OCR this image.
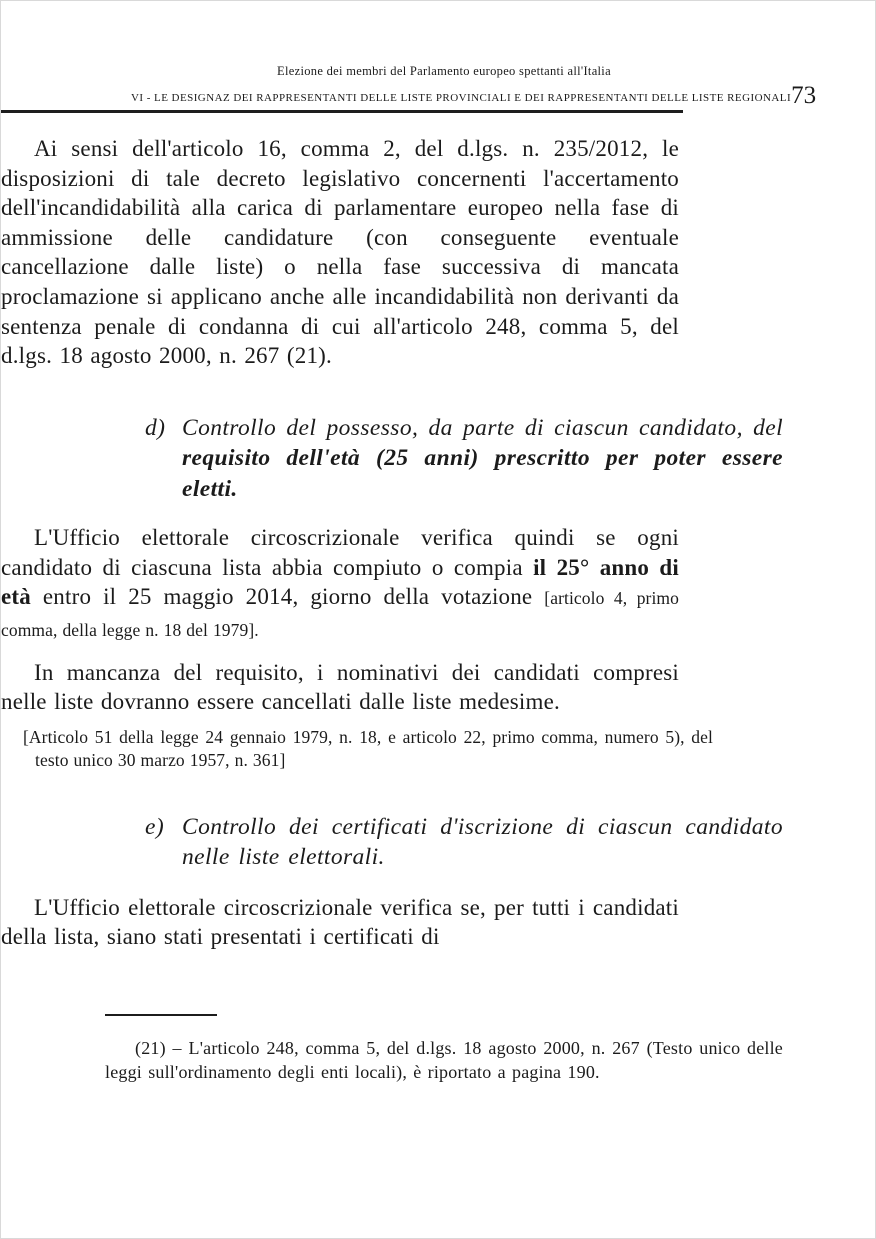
Elezione dei membri del Parlamento europeo spettanti all'Italia
VI - LE DESIGNAZ DEI RAPPRESENTANTI DELLE LISTE PROVINCIALI E DEI RAPPRESENTANTI DELLE LISTE REGIONALI 73

Ai sensi dell'articolo 16, comma 2, del d.lgs. n. 235/2012, le disposizioni di tale decreto legislativo concernenti l'accertamento dell'incandidabilità alla carica di parlamentare europeo nella fase di ammissione delle candidature (con conseguente eventuale cancellazione dalle liste) o nella fase successiva di mancata proclamazione si applicano anche alle incandidabilità non derivanti da sentenza penale di condanna di cui all'articolo 248, comma 5, del d.lgs. 18 agosto 2000, n. 267 (21).

d) Controllo del possesso, da parte di ciascun candidato, del requisito dell'età (25 anni) prescritto per poter essere eletti.

L'Ufficio elettorale circoscrizionale verifica quindi se ogni candidato di ciascuna lista abbia compiuto o compia il 25° anno di età entro il 25 maggio 2014, giorno della votazione [articolo 4, primo comma, della legge n. 18 del 1979].

In mancanza del requisito, i nominativi dei candidati compresi nelle liste dovranno essere cancellati dalle liste medesime.

[Articolo 51 della legge 24 gennaio 1979, n. 18, e articolo 22, primo comma, numero 5), del testo unico 30 marzo 1957, n. 361]

e) Controllo dei certificati d'iscrizione di ciascun candidato nelle liste elettorali.

L'Ufficio elettorale circoscrizionale verifica se, per tutti i candidati della lista, siano stati presentati i certificati di

(21) – L'articolo 248, comma 5, del d.lgs. 18 agosto 2000, n. 267 (Testo unico delle leggi sull'ordinamento degli enti locali), è riportato a pagina 190.
